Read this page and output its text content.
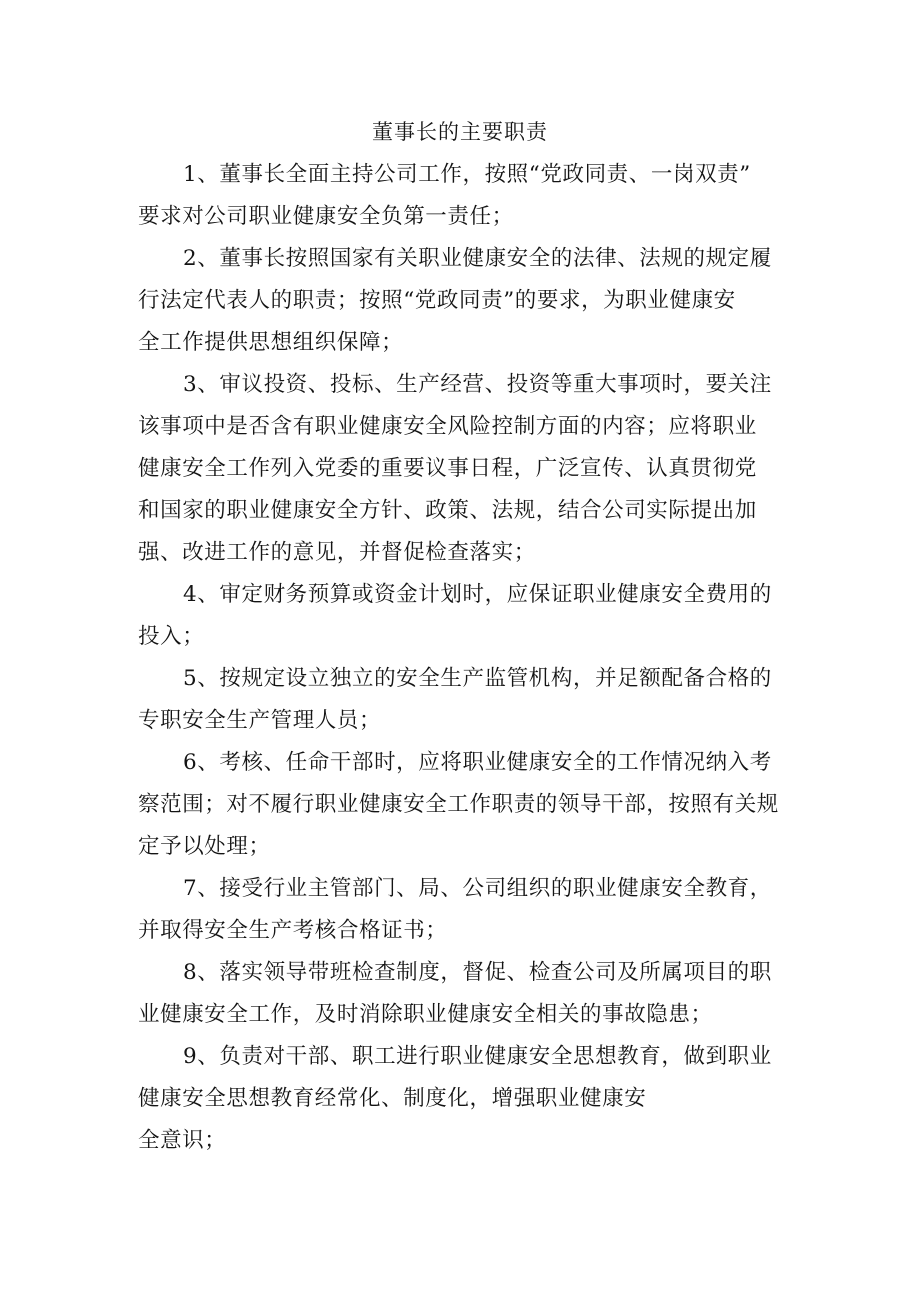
董事长的主要职责
1、董事长全面主持公司工作，按照“党政同责、一岗双责”
要求对公司职业健康安全负第一责任；
2、董事长按照国家有关职业健康安全的法律、法规的规定履
行法定代表人的职责；按照“党政同责”的要求，为职业健康安
全工作提供思想组织保障；
3、审议投资、投标、生产经营、投资等重大事项时，要关注
该事项中是否含有职业健康安全风险控制方面的内容；应将职业
健康安全工作列入党委的重要议事日程，广泛宣传、认真贯彻党
和国家的职业健康安全方针、政策、法规，结合公司实际提出加
强、改进工作的意见，并督促检查落实；
4、审定财务预算或资金计划时，应保证职业健康安全费用的
投入；
5、按规定设立独立的安全生产监管机构，并足额配备合格的
专职安全生产管理人员；
6、考核、任命干部时，应将职业健康安全的工作情况纳入考
察范围；对不履行职业健康安全工作职责的领导干部，按照有关规
定予以处理；
7、接受行业主管部门、局、公司组织的职业健康安全教育，
并取得安全生产考核合格证书；
8、落实领导带班检查制度，督促、检查公司及所属项目的职
业健康安全工作，及时消除职业健康安全相关的事故隐患；
9、负责对干部、职工进行职业健康安全思想教育，做到职业
健康安全思想教育经常化、制度化，增强职业健康安
全意识；
